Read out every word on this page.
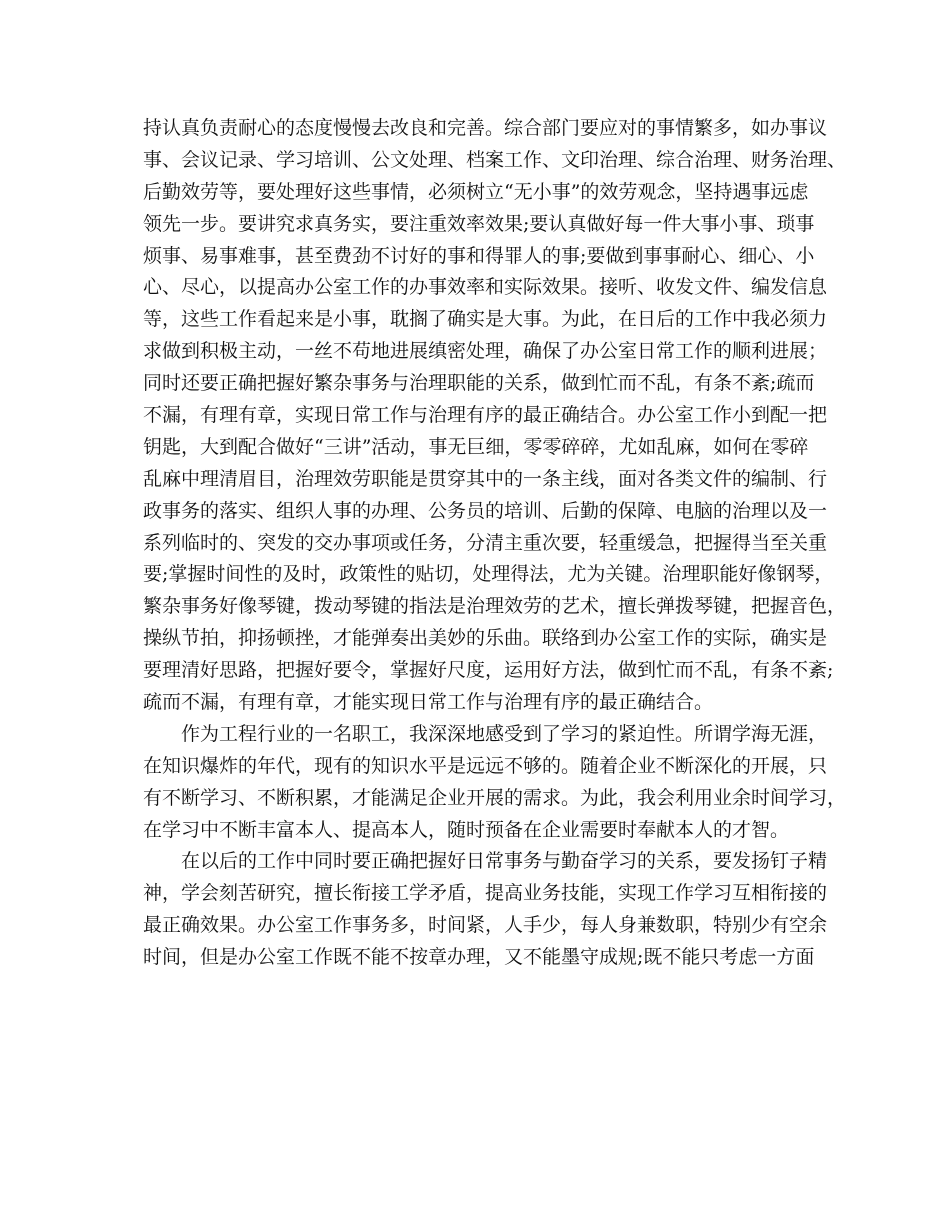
持认真负责耐心的态度慢慢去改良和完善。综合部门要应对的事情繁多，如办事议
事、会议记录、学习培训、公文处理、档案工作、文印治理、综合治理、财务治理、
后勤效劳等，要处理好这些事情，必须树立“无小事”的效劳观念，坚持遇事远虑
领先一步。要讲究求真务实，要注重效率效果;要认真做好每一件大事小事、琐事
烦事、易事难事，甚至费劲不讨好的事和得罪人的事;要做到事事耐心、细心、小
心、尽心，以提高办公室工作的办事效率和实际效果。接听、收发文件、编发信息
等，这些工作看起来是小事，耽搁了确实是大事。为此，在日后的工作中我必须力
求做到积极主动，一丝不苟地进展缜密处理，确保了办公室日常工作的顺利进展；
同时还要正确把握好繁杂事务与治理职能的关系，做到忙而不乱，有条不紊;疏而
不漏，有理有章，实现日常工作与治理有序的最正确结合。办公室工作小到配一把
钥匙，大到配合做好“三讲”活动，事无巨细，零零碎碎，尤如乱麻，如何在零碎
乱麻中理清眉目，治理效劳职能是贯穿其中的一条主线，面对各类文件的编制、行
政事务的落实、组织人事的办理、公务员的培训、后勤的保障、电脑的治理以及一
系列临时的、突发的交办事项或任务，分清主重次要，轻重缓急，把握得当至关重
要;掌握时间性的及时，政策性的贴切，处理得法，尤为关键。治理职能好像钢琴，
繁杂事务好像琴键，拨动琴键的指法是治理效劳的艺术，擅长弹拨琴键，把握音色，
操纵节拍，抑扬顿挫，才能弹奏出美妙的乐曲。联络到办公室工作的实际，确实是
要理清好思路，把握好要令，掌握好尺度，运用好方法，做到忙而不乱，有条不紊;
疏而不漏，有理有章，才能实现日常工作与治理有序的最正确结合。
作为工程行业的一名职工，我深深地感受到了学习的紧迫性。所谓学海无涯，
在知识爆炸的年代，现有的知识水平是远远不够的。随着企业不断深化的开展，只
有不断学习、不断积累，才能满足企业开展的需求。为此，我会利用业余时间学习，
在学习中不断丰富本人、提高本人，随时预备在企业需要时奉献本人的才智。
在以后的工作中同时要正确把握好日常事务与勤奋学习的关系，要发扬钉子精
神，学会刻苦研究，擅长衔接工学矛盾，提高业务技能，实现工作学习互相衔接的
最正确效果。办公室工作事务多，时间紧，人手少，每人身兼数职，特别少有空余
时间，但是办公室工作既不能不按章办理，又不能墨守成规;既不能只考虑一方面
